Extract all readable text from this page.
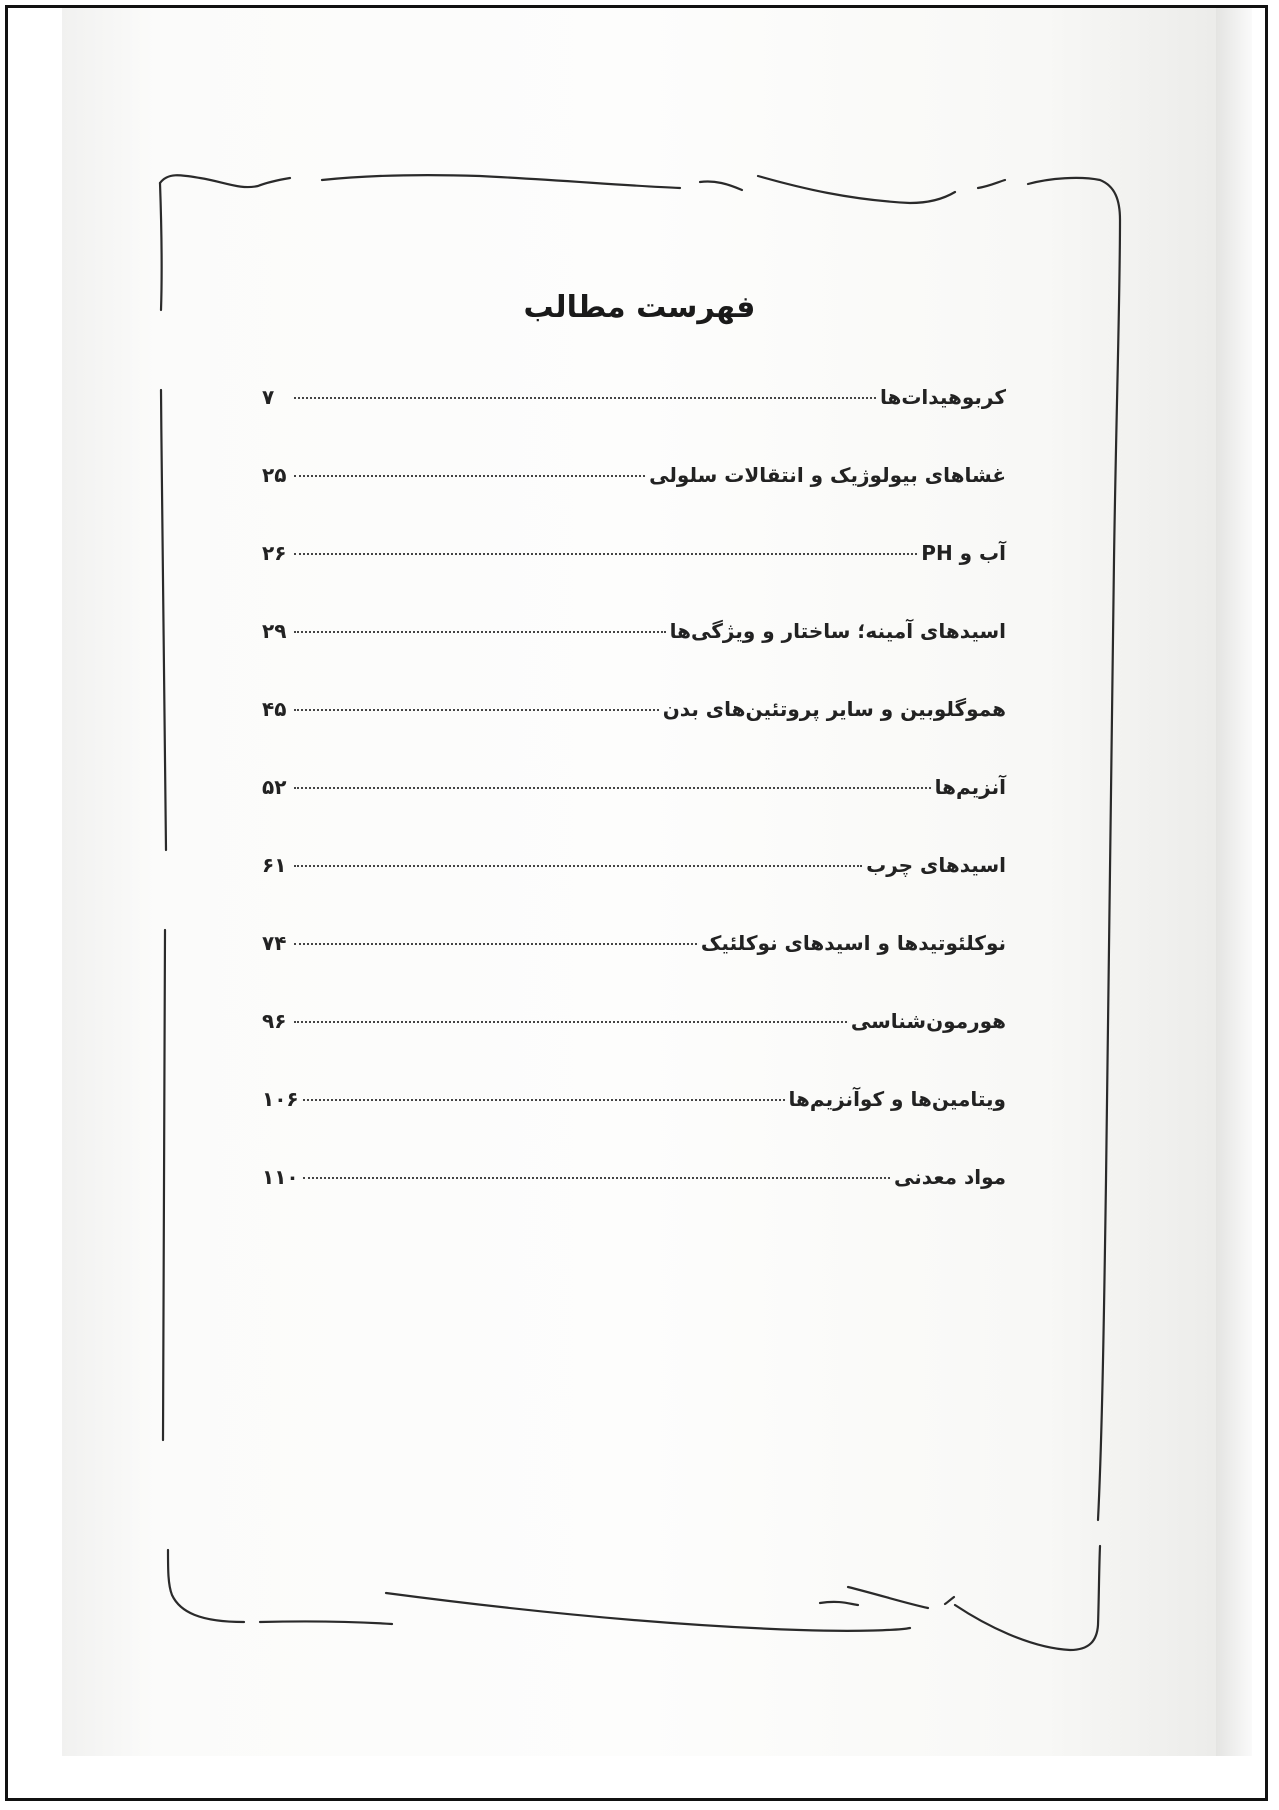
فهرست مطالب
کربوهیدات‌ها
۷
غشاهای بیولوژیک و انتقالات سلولی
۲۵
آب و PH
۲۶
اسیدهای آمینه؛ ساختار و ویژگی‌ها
۲۹
هموگلوبین و سایر پروتئین‌های بدن
۴۵
آنزیم‌ها
۵۲
اسیدهای چرب
۶۱
نوکلئوتیدها و اسیدهای نوکلئیک
۷۴
هورمون‌شناسی
۹۶
ویتامین‌ها و کوآنزیم‌ها
۱۰۶
مواد معدنی
۱۱۰
